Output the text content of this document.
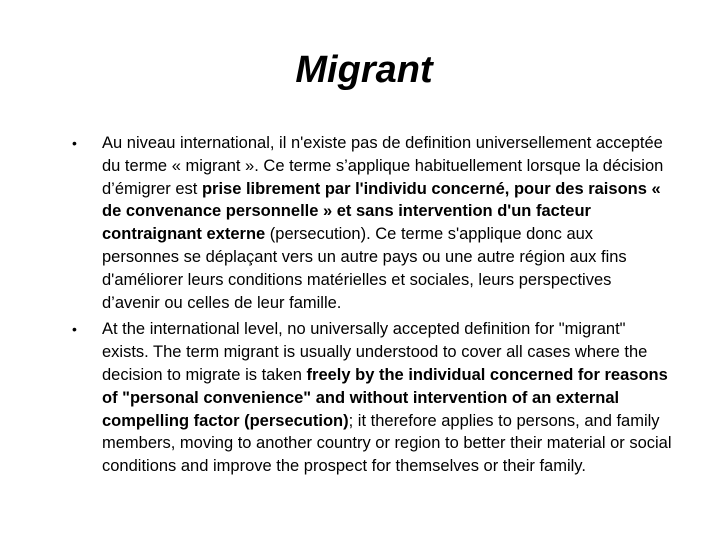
Migrant
•	Au niveau international, il n'existe pas de definition universellement acceptée du terme « migrant ». Ce terme s’applique habituellement lorsque la décision d’émigrer est prise librement par l'individu concerné, pour des raisons « de convenance personnelle » et sans intervention d'un facteur contraignant externe (persecution). Ce terme s'applique donc aux personnes se déplaçant vers un autre pays ou une autre région aux fins d'améliorer leurs conditions matérielles et sociales, leurs perspectives d’avenir ou celles de leur famille.
•	At the international level, no universally accepted definition for "migrant" exists. The term migrant is usually understood to cover all cases where the decision to migrate is taken freely by the individual concerned for reasons of "personal convenience" and without intervention of an external compelling factor (persecution); it therefore applies to persons, and family members, moving to another country or region to better their material or social conditions and improve the prospect for themselves or their family.
